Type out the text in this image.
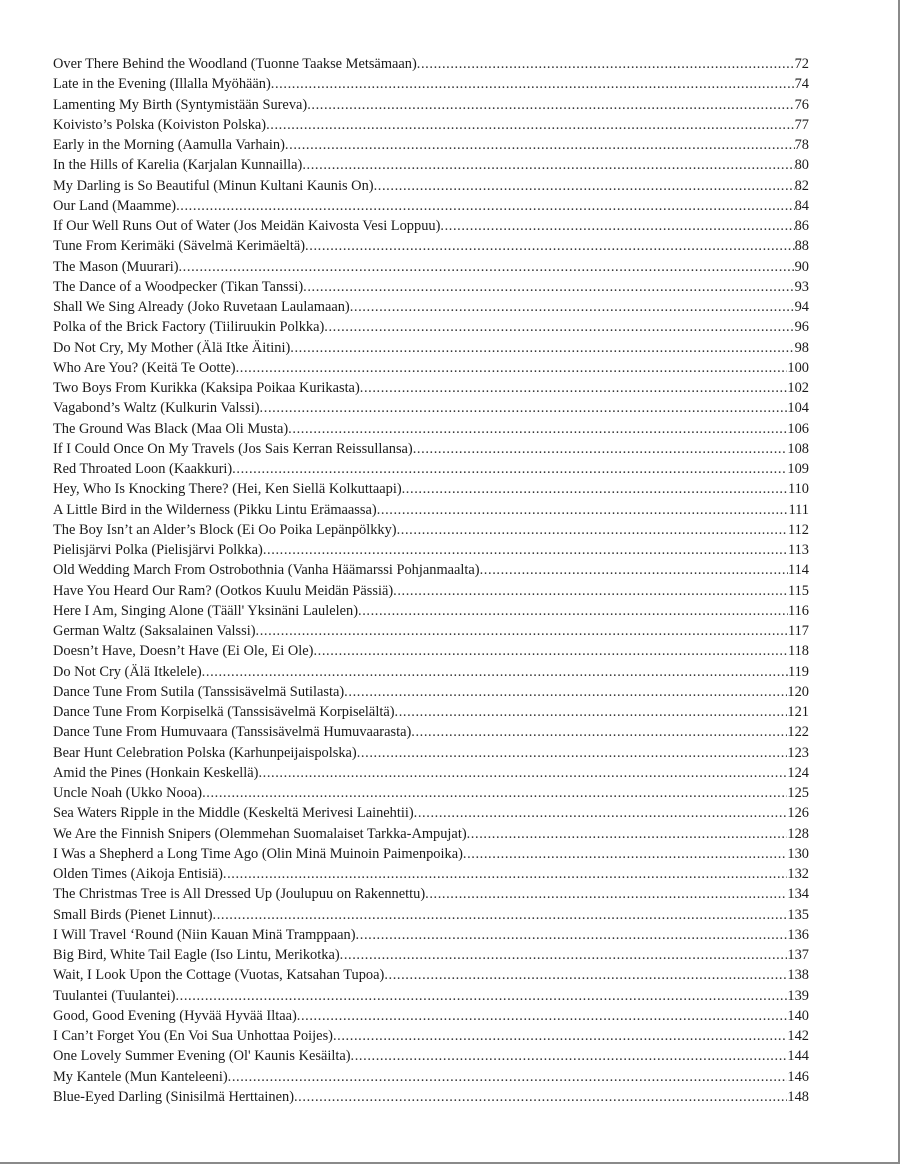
Over There Behind the Woodland (Tuonne Taakse Metsämaan) .....	72
Late in the Evening (Illalla Myöhään) .....	74
Lamenting My Birth (Syntymistään Sureva) .....	76
Koivisto’s Polska (Koiviston Polska) .....	77
Early in the Morning (Aamulla Varhain) .....	78
In the Hills of Karelia (Karjalan Kunnailla) .....	80
My Darling is So Beautiful (Minun Kultani Kaunis On) .....	82
Our Land (Maamme) .....	84
If Our Well Runs Out of Water (Jos Meidän Kaivosta Vesi Loppuu) .....	86
Tune From Kerimäki (Sävelmä Kerimäeltä) .....	88
The Mason (Muurari) .....	90
The Dance of a Woodpecker (Tikan Tanssi) .....	93
Shall We Sing Already (Joko Ruvetaan Laulamaan) .....	94
Polka of the Brick Factory (Tiiliruukin Polkka) .....	96
Do Not Cry, My Mother (Älä Itke Äitini) .....	98
Who Are You? (Keitä Te Ootte) .....	100
Two Boys From Kurikka (Kaksipa Poikaa Kurikasta) .....	102
Vagabond’s Waltz (Kulkurin Valssi) .....	104
The Ground Was Black (Maa Oli Musta) .....	106
If I Could Once On My Travels (Jos Sais Kerran Reissullansa) .....	108
Red Throated Loon (Kaakkuri) .....	109
Hey, Who Is Knocking There? (Hei, Ken Siellä Kolkuttaapi) .....	110
A Little Bird in the Wilderness (Pikku Lintu Erämaassa) .....	111
The Boy Isn’t an Alder’s Block (Ei Oo Poika Lepänpölkky) .....	112
Pielisjärvi Polka (Pielisjärvi Polkka) .....	113
Old Wedding March From Ostrobothnia (Vanha Häämarssi Pohjanmaalta) .....	114
Have You Heard Our Ram? (Ootkos Kuulu Meidän Pässiä) .....	115
Here I Am, Singing Alone (Tääll' Yksinäni Laulelen) .....	116
German Waltz (Saksalainen Valssi) .....	117
Doesn’t Have, Doesn’t Have (Ei Ole, Ei Ole) .....	118
Do Not Cry (Älä Itkelele) .....	119
Dance Tune From Sutila (Tanssisävelmä Sutilasta) .....	120
Dance Tune From Korpiselkä (Tanssisävelmä Korpiselältä) .....	121
Dance Tune From Humuvaara (Tanssisävelmä Humuvaarasta) .....	122
Bear Hunt Celebration Polska (Karhunpeijaispolska) .....	123
Amid the Pines (Honkain Keskellä) .....	124
Uncle Noah (Ukko Nooa) .....	125
Sea Waters Ripple in the Middle (Keskeltä Merivesi Lainehtii) .....	126
We Are the Finnish Snipers (Olemmehan Suomalaiset Tarkka-Ampujat) .....	128
I Was a Shepherd a Long Time Ago (Olin Minä Muinoin Paimenpoika) .....	130
Olden Times (Aikoja Entisiä) .....	132
The Christmas Tree is All Dressed Up (Joulupuu on Rakennettu) .....	134
Small Birds (Pienet Linnut) .....	135
I Will Travel ‘Round (Niin Kauan Minä Tramppaan) .....	136
Big Bird, White Tail Eagle (Iso Lintu, Merikotka) .....	137
Wait, I Look Upon the Cottage (Vuotas, Katsahan Tupoa) .....	138
Tuulantei (Tuulantei) .....	139
Good, Good Evening (Hyvää Hyvää Iltaa) .....	140
I Can’t Forget You (En Voi Sua Unhottaa Poijes) .....	142
One Lovely Summer Evening (Ol' Kaunis Kesäilta) .....	144
My Kantele (Mun Kanteleeni) .....	146
Blue-Eyed Darling (Sinisilmä Herttainen) .....	148
